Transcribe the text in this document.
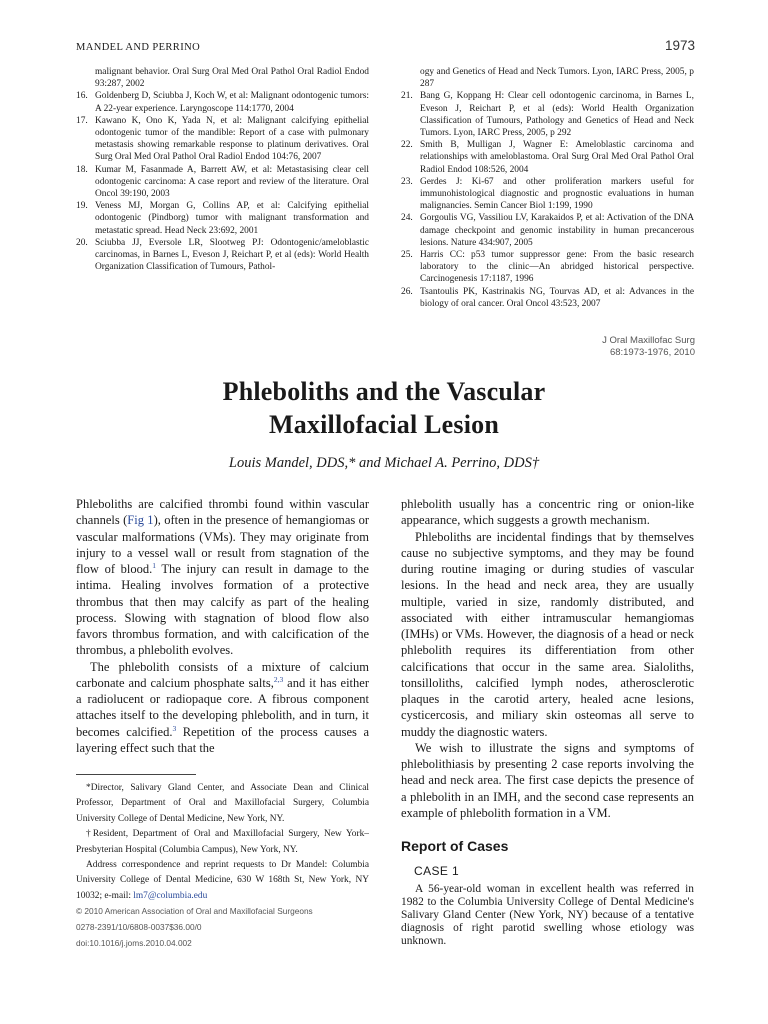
MANDEL AND PERRINO	1973
malignant behavior. Oral Surg Oral Med Oral Pathol Oral Radiol Endod 93:287, 2002
16. Goldenberg D, Sciubba J, Koch W, et al: Malignant odontogenic tumors: A 22-year experience. Laryngoscope 114:1770, 2004
17. Kawano K, Ono K, Yada N, et al: Malignant calcifying epithelial odontogenic tumor of the mandible: Report of a case with pulmonary metastasis showing remarkable response to platinum derivatives. Oral Surg Oral Med Oral Pathol Oral Radiol Endod 104:76, 2007
18. Kumar M, Fasanmade A, Barrett AW, et al: Metastasising clear cell odontogenic carcinoma: A case report and review of the literature. Oral Oncol 39:190, 2003
19. Veness MJ, Morgan G, Collins AP, et al: Calcifying epithelial odontogenic (Pindborg) tumor with malignant transformation and metastatic spread. Head Neck 23:692, 2001
20. Sciubba JJ, Eversole LR, Slootweg PJ: Odontogenic/ameloblastic carcinomas, in Barnes L, Eveson J, Reichart P, et al (eds): World Health Organization Classification of Tumours, Pathol-
ogy and Genetics of Head and Neck Tumors. Lyon, IARC Press, 2005, p 287
21. Bang G, Koppang H: Clear cell odontogenic carcinoma, in Barnes L, Eveson J, Reichart P, et al (eds): World Health Organization Classification of Tumours, Pathology and Genetics of Head and Neck Tumors. Lyon, IARC Press, 2005, p 292
22. Smith B, Mulligan J, Wagner E: Ameloblastic carcinoma and relationships with ameloblastoma. Oral Surg Oral Med Oral Pathol Oral Radiol Endod 108:526, 2004
23. Gerdes J: Ki-67 and other proliferation markers useful for immunohistological diagnostic and prognostic evaluations in human malignancies. Semin Cancer Biol 1:199, 1990
24. Gorgoulis VG, Vassiliou LV, Karakaidos P, et al: Activation of the DNA damage checkpoint and genomic instability in human precancerous lesions. Nature 434:907, 2005
25. Harris CC: p53 tumor suppressor gene: From the basic research laboratory to the clinic—An abridged historical perspective. Carcinogenesis 17:1187, 1996
26. Tsantoulis PK, Kastrinakis NG, Tourvas AD, et al: Advances in the biology of oral cancer. Oral Oncol 43:523, 2007
J Oral Maxillofac Surg
68:1973-1976, 2010
Phleboliths and the Vascular
Maxillofacial Lesion
Louis Mandel, DDS,* and Michael A. Perrino, DDS†

Phleboliths are calcified thrombi found within vascular channels (Fig 1), often in the presence of hemangiomas or vascular malformations (VMs). They may originate from injury to a vessel wall or result from stagnation of the flow of blood.$^1$ The injury can result in damage to the intima. Healing involves formation of a protective thrombus that then may calcify as part of the healing process. Slowing with stagnation of blood flow also favors thrombus formation, and with calcification of the thrombus, a phlebolith evolves.

The phlebolith consists of a mixture of calcium carbonate and calcium phosphate salts,$^{2,3}$ and it has either a radiolucent or radiopaque core. A fibrous component attaches itself to the developing phlebolith, and in turn, it becomes calcified.$^3$ Repetition of the process causes a layering effect such that the

phlebolith usually has a concentric ring or onion-like appearance, which suggests a growth mechanism.

Phleboliths are incidental findings that by themselves cause no subjective symptoms, and they may be found during routine imaging or during studies of vascular lesions. In the head and neck area, they are usually multiple, varied in size, randomly distributed, and associated with either intramuscular hemangiomas (IMHs) or VMs. However, the diagnosis of a head or neck phlebolith requires its differentiation from other calcifications that occur in the same area. Sialoliths, tonsilloliths, calcified lymph nodes, atherosclerotic plaques in the carotid artery, healed acne lesions, cysticercosis, and miliary skin osteomas all serve to muddy the diagnostic waters.

We wish to illustrate the signs and symptoms of phlebolithiasis by presenting 2 case reports involving the head and neck area. The first case depicts the presence of a phlebolith in an IMH, and the second case represents an example of phlebolith formation in a VM.

*Director, Salivary Gland Center, and Associate Dean and Clinical Professor, Department of Oral and Maxillofacial Surgery, Columbia University College of Dental Medicine, New York, NY.

†Resident, Department of Oral and Maxillofacial Surgery, New York–Presbyterian Hospital (Columbia Campus), New York, NY.

Address correspondence and reprint requests to Dr Mandel: Columbia University College of Dental Medicine, 630 W 168th St, New York, NY 10032; e-mail: lm7@columbia.edu

© 2010 American Association of Oral and Maxillofacial Surgeons
0278-2391/10/6808-0037$36.00/0
doi:10.1016/j.joms.2010.04.002
Report of Cases
CASE 1
A 56-year-old woman in excellent health was referred in 1982 to the Columbia University College of Dental Medicine's Salivary Gland Center (New York, NY) because of a tentative diagnosis of right parotid swelling whose etiology was unknown.
